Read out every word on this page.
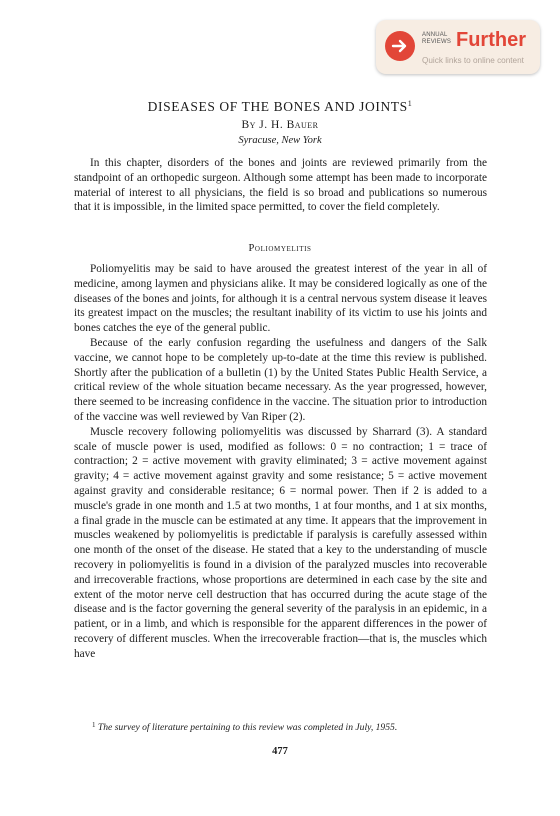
ANNUAL
REVIEWS Further
Quick links to online content
DISEASES OF THE BONES AND JOINTS$^1$
By J. H. Bauer
Syracuse, New York

In this chapter, disorders of the bones and joints are reviewed primarily from the standpoint of an orthopedic surgeon. Although some attempt has been made to incorporate material of interest to all physicians, the field is so broad and publications so numerous that it is impossible, in the limited space permitted, to cover the field completely.

Poliomyelitis

Poliomyelitis may be said to have aroused the greatest interest of the year in all of medicine, among laymen and physicians alike. It may be considered logically as one of the diseases of the bones and joints, for although it is a central nervous system disease it leaves its greatest impact on the muscles; the resultant inability of its victim to use his joints and bones catches the eye of the general public.

Because of the early confusion regarding the usefulness and dangers of the Salk vaccine, we cannot hope to be completely up-to-date at the time this review is published. Shortly after the publication of a bulletin (1) by the United States Public Health Service, a critical review of the whole situation became necessary. As the year progressed, however, there seemed to be increasing confidence in the vaccine. The situation prior to introduction of the vaccine was well reviewed by Van Riper (2).

Muscle recovery following poliomyelitis was discussed by Sharrard (3). A standard scale of muscle power is used, modified as follows: 0 = no contraction; 1 = trace of contraction; 2 = active movement with gravity eliminated; 3 = active movement against gravity; 4 = active movement against gravity and some resistance; 5 = active movement against gravity and considerable resitance; 6 = normal power. Then if 2 is added to a muscle's grade in one month and 1.5 at two months, 1 at four months, and 1 at six months, a final grade in the muscle can be estimated at any time. It appears that the improvement in muscles weakened by poliomyelitis is predictable if paralysis is carefully assessed within one month of the onset of the disease. He stated that a key to the understanding of muscle recovery in poliomyelitis is found in a division of the paralyzed muscles into recoverable and irrecoverable fractions, whose proportions are determined in each case by the site and extent of the motor nerve cell destruction that has occurred during the acute stage of the disease and is the factor governing the general severity of the paralysis in an epidemic, in a patient, or in a limb, and which is responsible for the apparent differences in the power of recovery of different muscles. When the irrecoverable fraction—that is, the muscles which have

$^1$ The survey of literature pertaining to this review was completed in July, 1955.
477
